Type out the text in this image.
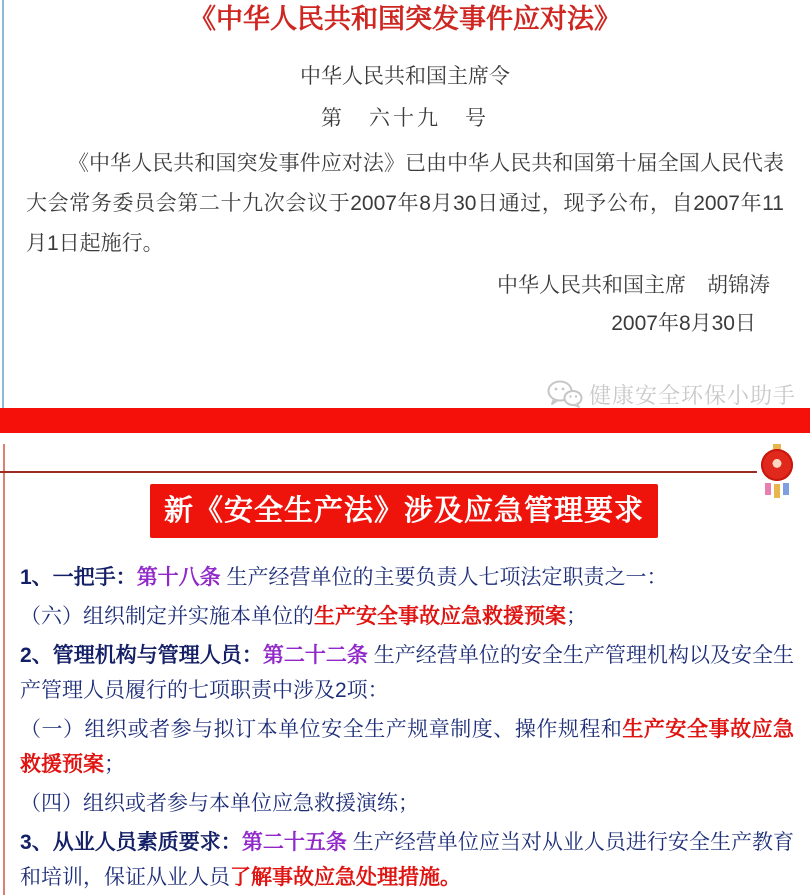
《中华人民共和国突发事件应对法》
中华人民共和国主席令
第　六十九　号
《中华人民共和国突发事件应对法》已由中华人民共和国第十届全国人民代表大会常务委员会第二十九次会议于2007年8月30日通过，现予公布，自2007年11月1日起施行。
中华人民共和国主席　胡锦涛
2007年8月30日
健康安全环保小助手
新《安全生产法》涉及应急管理要求

1、一把手：第十八条 生产经营单位的主要负责人七项法定职责之一：

（六）组织制定并实施本单位的生产安全事故应急救援预案；

2、管理机构与管理人员：第二十二条 生产经营单位的安全生产管理机构以及安全生产管理人员履行的七项职责中涉及2项：

（一）组织或者参与拟订本单位安全生产规章制度、操作规程和生产安全事故应急救援预案；

（四）组织或者参与本单位应急救援演练；

3、从业人员素质要求：第二十五条 生产经营单位应当对从业人员进行安全生产教育和培训，保证从业人员了解事故应急处理措施。
